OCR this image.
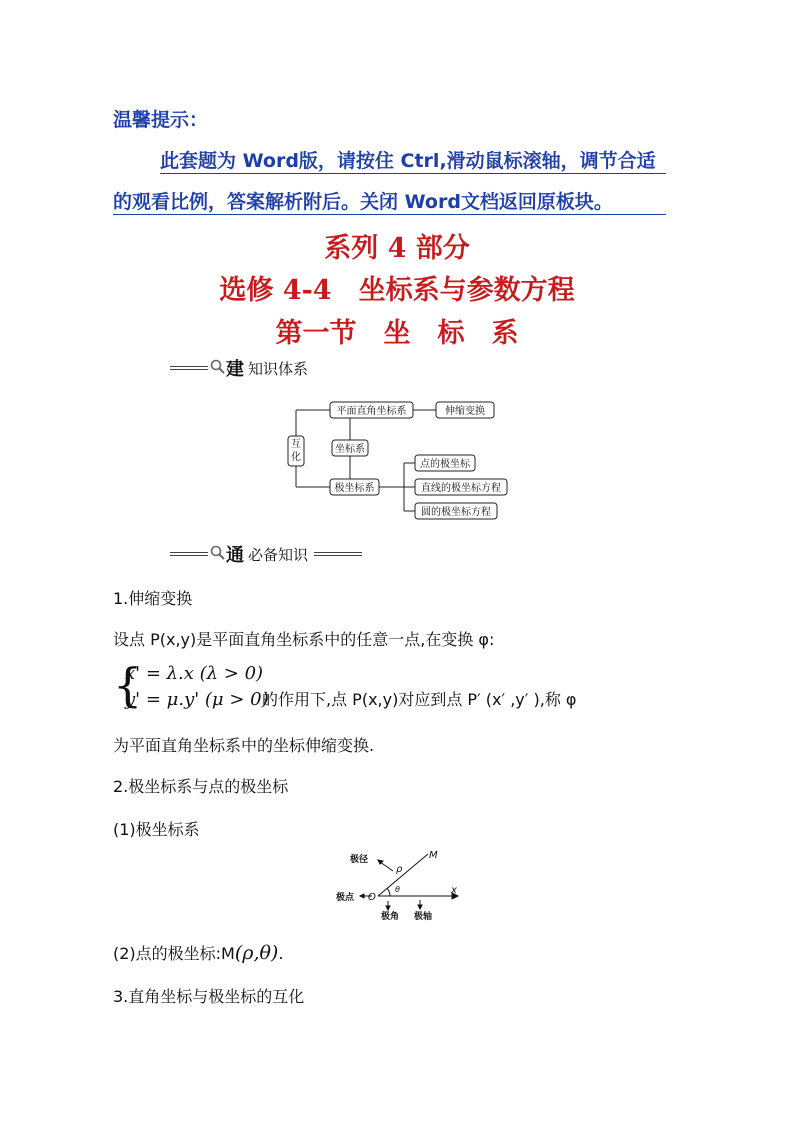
温馨提示：
此套题为 Word版，请按住 Ctrl,滑动鼠标滚轴，调节合适
的观看比例，答案解析附后。关闭 Word文档返回原板块。
系列 4 部分
选修 4-4　坐标系与参数方程
第一节　坐　标　系
建 知识体系
平面直角坐标系	伸缩变换
坐标系
极坐标系
点的极坐标
直线的极坐标方程
圆的极坐标方程
互化
通 必备知识
1.伸缩变换
设点 P(x,y)是平面直角坐标系中的任意一点,在变换 φ:
{
x' = λ.x (λ > 0)
y' = μ.y' (μ > 0)
的作用下,点 P(x,y)对应到点 P′ (x′ ,y′ ),称 φ
为平面直角坐标系中的坐标伸缩变换.
2.极坐标系与点的极坐标
(1)极坐标系
极径
极点
极角 极轴
ρ
θ
M
O
x
(2)点的极坐标:M(ρ,θ).
3.直角坐标与极坐标的互化
